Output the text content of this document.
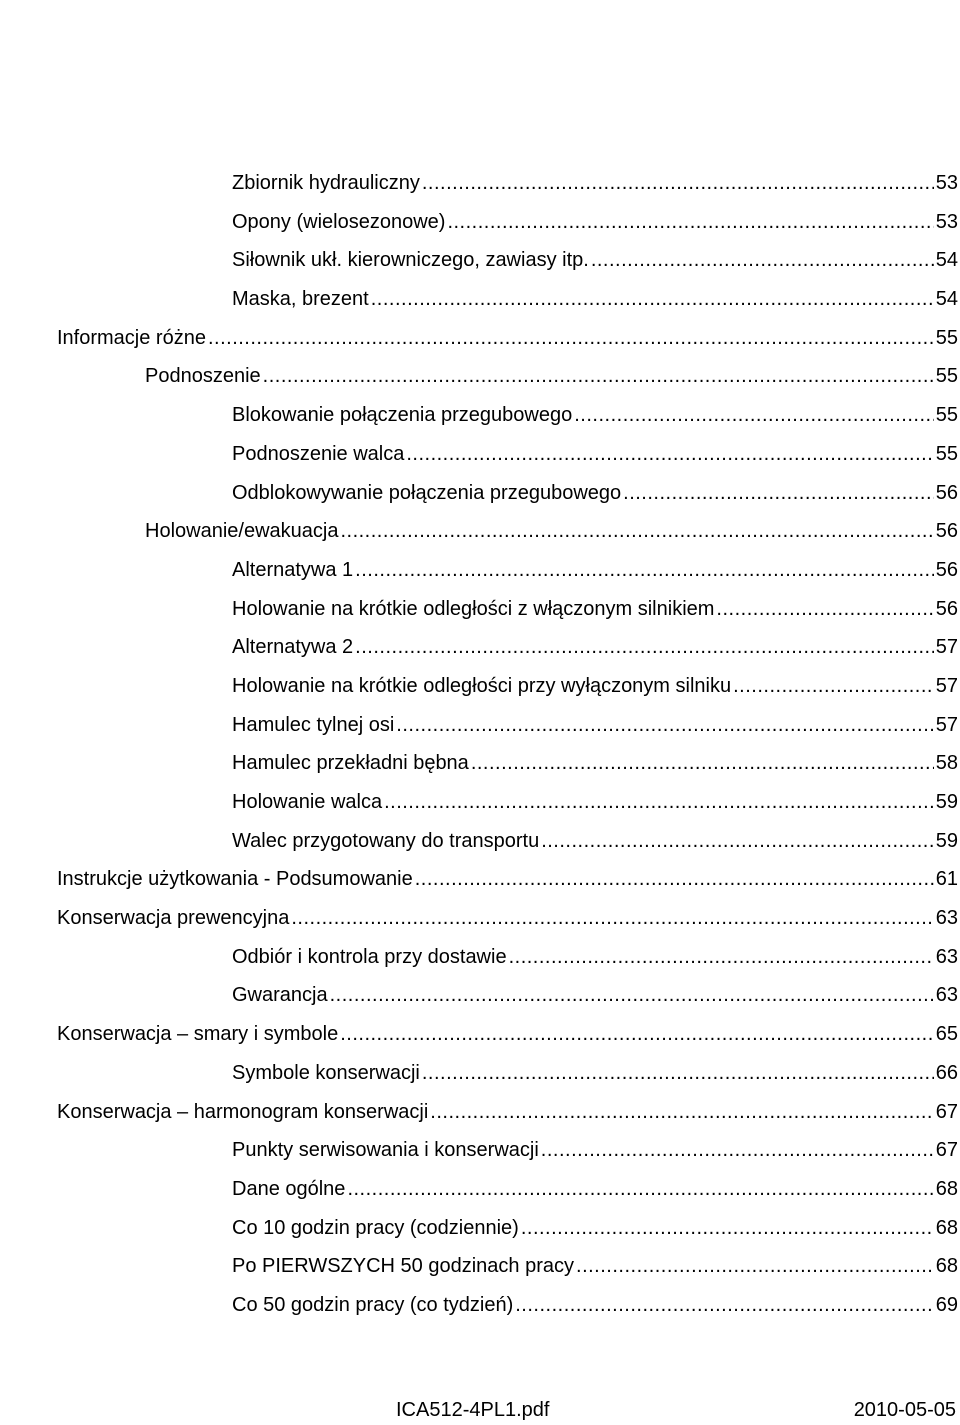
Zbiornik hydrauliczny .....	53
Opony (wielosezonowe) .....	53
Siłownik ukł. kierowniczego, zawiasy itp. .....	54
Maska, brezent .....	54
Informacje różne .....	55
Podnoszenie .....	55
Blokowanie połączenia przegubowego .....	55
Podnoszenie walca .....	55
Odblokowywanie połączenia przegubowego .....	56
Holowanie/ewakuacja .....	56
Alternatywa 1 .....	56
Holowanie na krótkie odległości z włączonym silnikiem .....	56
Alternatywa 2 .....	57
Holowanie na krótkie odległości przy wyłączonym silniku .....	57
Hamulec tylnej osi .....	57
Hamulec przekładni bębna .....	58
Holowanie walca .....	59
Walec przygotowany do transportu .....	59
Instrukcje użytkowania - Podsumowanie .....	61
Konserwacja prewencyjna .....	63
Odbiór i kontrola przy dostawie .....	63
Gwarancja .....	63
Konserwacja – smary i symbole .....	65
Symbole konserwacji .....	66
Konserwacja – harmonogram konserwacji .....	67
Punkty serwisowania i konserwacji .....	67
Dane ogólne .....	68
Co 10 godzin pracy (codziennie) .....	68
Po PIERWSZYCH 50 godzinach pracy .....	68
Co 50 godzin pracy (co tydzień) .....	69
ICA512-4PL1.pdf	2010-05-05
